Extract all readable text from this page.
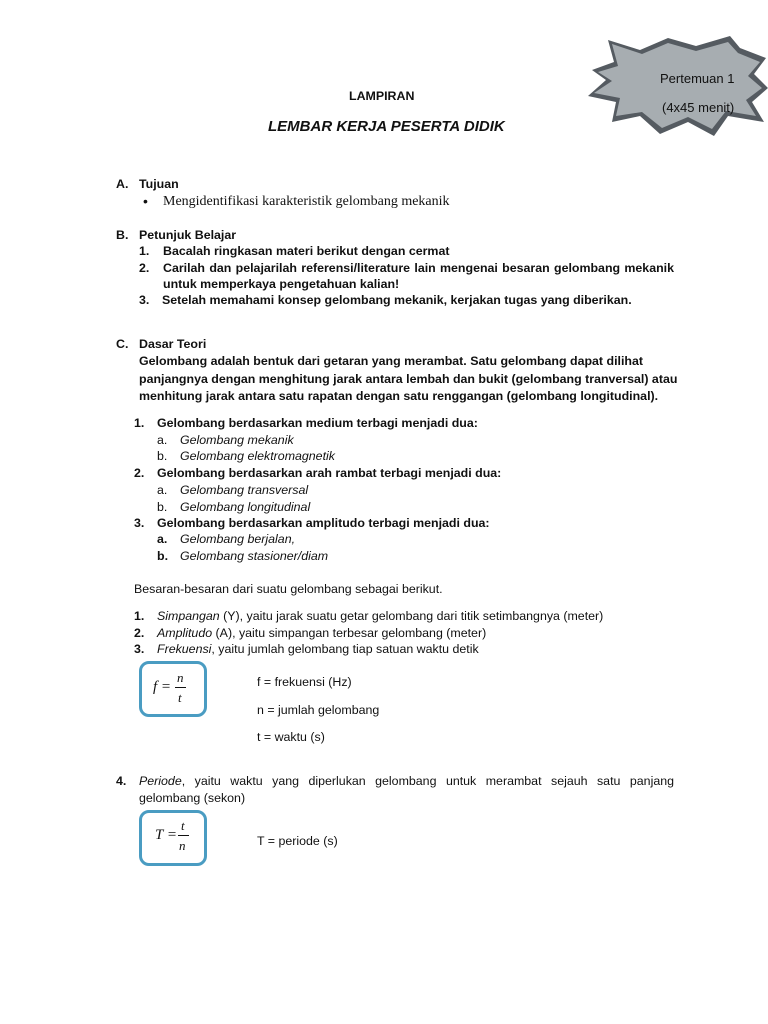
Pertemuan 1
(4x45 menit)
LAMPIRAN
LEMBAR KERJA PESERTA DIDIK
A. Tujuan
• Mengidentifikasi karakteristik gelombang mekanik
B. Petunjuk Belajar
1. Bacalah ringkasan materi berikut dengan cermat
2. Carilah dan pelajarilah referensi/literature lain mengenai besaran gelombang mekanik
untuk memperkaya pengetahuan kalian!
3. Setelah memahami konsep gelombang mekanik, kerjakan tugas yang diberikan.
C. Dasar Teori
Gelombang adalah bentuk dari getaran yang merambat. Satu gelombang dapat dilihat
panjangnya dengan menghitung jarak antara lembah dan bukit (gelombang tranversal) atau
menhitung jarak antara satu rapatan dengan satu renggangan (gelombang longitudinal).
1. Gelombang berdasarkan medium terbagi menjadi dua:
a. Gelombang mekanik
b. Gelombang elektromagnetik
2. Gelombang berdasarkan arah rambat terbagi menjadi dua:
a. Gelombang transversal
b. Gelombang longitudinal
3. Gelombang berdasarkan amplitudo terbagi menjadi dua:
a. Gelombang berjalan,
b. Gelombang stasioner/diam
Besaran-besaran dari suatu gelombang sebagai berikut.
1. Simpangan (Y), yaitu jarak suatu getar gelombang dari titik setimbangnya (meter)
2. Amplitudo (A), yaitu simpangan terbesar gelombang (meter)
3. Frekuensi, yaitu jumlah gelombang tiap satuan waktu detik
f =
n
t
f = frekuensi (Hz)
n = jumlah gelombang
t = waktu (s)
4. Periode, yaitu waktu yang diperlukan gelombang untuk merambat sejauh satu panjang
gelombang (sekon)
T =
t
n	T = periode (s)
